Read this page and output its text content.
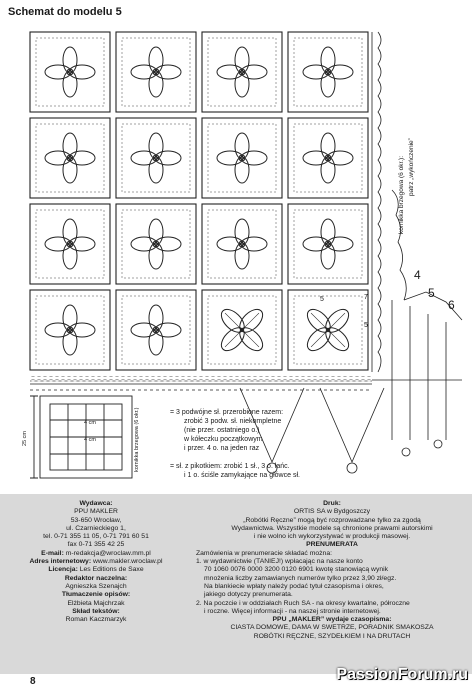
Schemat do modelu 5
kornikka brzegowa (6 okr.): patrz „wykończenie”
5	7
5
4
5
6
25 cm
4 cm
4 cm	kornikka brzegowa (6 okr.)	= 3 podwójne sł. przerobione razem:
zrobić 3 podw. sł. niekompletne
(nie przer. ostatniego o.)
w kółeczku początkowym
i przer. 4 o. na jeden raz
= sł. z pikotkiem: zrobić 1 sł., 3 o. łańc.
i 1 o. ściśle zamykające na główce sł.
Wydawca:
PPU MAKLER
53-650 Wrocław,
ul. Czarnieckiego 1,
tel. 0-71 355 11 05, 0-71 791 60 51
fax 0-71 355 42 25
E-mail: m-redakcja@wroclaw.mm.pl
Adres internetowy: www.makler.wroclaw.pl
Licencja: Les Editions de Saxe
Redaktor naczelna:
Agnieszka Szenajch
Tłumaczenie opisów:
Elżbieta Majchrzak
Skład tekstów:
Roman Kaczmarzyk
Druk:
ORTIS SA w Bydgoszczy
„Robótki Ręczne” mogą być rozprowadzane tylko za zgodą
Wydawnictwa. Wszystkie modele są chronione prawami autorskimi
i nie wolno ich wykorzystywać w produkcji masowej.
PRENUMERATA
Zamówienia w prenumeracie składać można:
1. w wydawnictwie (TANIEJ!) wpłacając na nasze konto
70 1060 0076 0000 3200 0120 6901 kwotę stanowiącą wynik
mnożenia liczby zamawianych numerów tylko przez 3,90 zł/egz.
Na blankiecie wpłaty należy podać tytuł czasopisma i okres,
jakiego dotyczy prenumerata.
2. Na poczcie i w oddziałach Ruch SA - na okresy kwartalne, półroczne
i roczne. Więcej informacji - na naszej stronie internetowej.
PPU „MAKLER” wydaje czasopisma:
CIASTA DOMOWE, DAMA W SWETRZE, PORADNIK SMAKOSZA
ROBÓTKI RĘCZNE, SZYDEŁKIEM I NA DRUTACH
8	PassionForum.ru
